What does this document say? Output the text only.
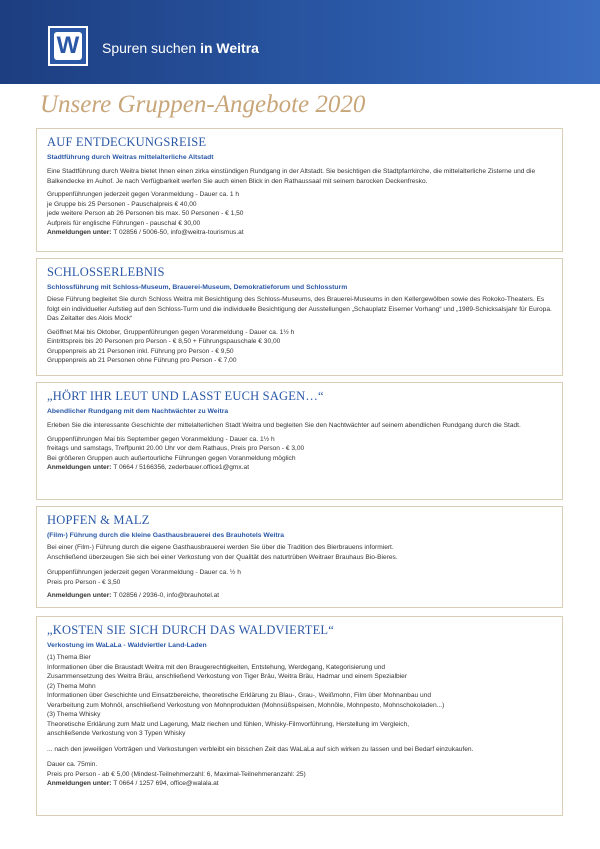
W Spuren suchen in Weitra
Unsere Gruppen-Angebote 2020
AUF ENTDECKUNGSREISE
Stadtführung durch Weitras mittelalterliche Altstadt

Eine Stadtführung durch Weitra bietet Ihnen einen zirka einstündigen Rundgang in der Altstadt. Sie besichtigen die Stadtpfarrkirche, die mittelalterliche Zisterne und die Balkendecke im Auhof. Je nach Verfügbarkeit werfen Sie auch einen Blick in den Rathaussaal mit seinem barocken Deckenfresko.

Gruppenführungen jederzeit gegen Voranmeldung - Dauer ca. 1 h

je Gruppe bis 25 Personen - Pauschalpreis € 40,00

jede weitere Person ab 26 Personen bis max. 50 Personen - € 1,50

Aufpreis für englische Führungen - pauschal € 30,00

Anmeldungen unter: T 02856 / 5006-50, info@weitra-tourismus.at

SCHLOSSERLEBNIS
Schlossführung mit Schloss-Museum, Brauerei-Museum, Demokratieforum und Schlossturm

Diese Führung begleitet Sie durch Schloss Weitra mit Besichtigung des Schloss-Museums, des Brauerei-Museums in den Kellergewölben sowie des Rokoko-Theaters. Es folgt ein individueller Aufstieg auf den Schloss-Turm und die individuelle Besichtigung der Ausstellungen „Schauplatz Eiserner Vorhang“ und „1989-Schicksalsjahr für Europa. Das Zeitalter des Alois Mock“

Geöffnet Mai bis Oktober, Gruppenführungen gegen Voranmeldung - Dauer ca. 1½ h

Eintrittspreis bis 20 Personen pro Person - € 8,50 + Führungspauschale € 30,00

Gruppenpreis ab 21 Personen inkl. Führung pro Person - € 9,50

Gruppenpreis ab 21 Personen ohne Führung pro Person - € 7,00

„HÖRT IHR LEUT UND LASST EUCH SAGEN…“
Abendlicher Rundgang mit dem Nachtwächter zu Weitra

Erleben Sie die interessante Geschichte der mittelalterlichen Stadt Weitra und begleiten Sie den Nachtwächter auf seinem abendlichen Rundgang durch die Stadt.

Gruppenführungen Mai bis September gegen Voranmeldung - Dauer ca. 1½ h

freitags und samstags, Treffpunkt 20.00 Uhr vor dem Rathaus, Preis pro Person - € 3,00

Bei größeren Gruppen auch außertourliche Führungen gegen Voranmeldung möglich

Anmeldungen unter: T 0664 / 5166356, zederbauer.office1@gmx.at

HOPFEN & MALZ
(Film-) Führung durch die kleine Gasthausbrauerei des Brauhotels Weitra

Bei einer (Film-) Führung durch die eigene Gasthausbrauerei werden Sie über die Tradition des Bierbrauens informiert.

Anschließend überzeugen Sie sich bei einer Verkostung von der Qualität des naturtrüben Weitraer Brauhaus Bio-Bieres.

Gruppenführungen jederzeit gegen Voranmeldung - Dauer ca. ½ h

Preis pro Person - € 3,50

Anmeldungen unter: T 02856 / 2936-0, info@brauhotel.at

„KOSTEN SIE SICH DURCH DAS WALDVIERTEL“
Verkostung im WaLaLa - Waldviertler Land-Laden

(1) Thema Bier

Informationen über die Braustadt Weitra mit den Braugerechtigkeiten, Entstehung, Werdegang, Kategorisierung und

Zusammensetzung des Weitra Bräu, anschließend Verkostung von Tiger Bräu, Weitra Bräu, Hadmar und einem Spezialbier

(2) Thema Mohn

Informationen über Geschichte und Einsatzbereiche, theoretische Erklärung zu Blau-, Grau-, Weißmohn, Film über Mohnanbau und

Verarbeitung zum Mohnöl, anschließend Verkostung von Mohnprodukten (Mohnsüßspeisen, Mohnöle, Mohnpesto, Mohnschokoladen...)

(3) Thema Whisky

Theoretische Erklärung zum Malz und Lagerung, Malz riechen und fühlen, Whisky-Filmvorführung, Herstellung im Vergleich,

anschließende Verkostung von 3 Typen Whisky

... nach den jeweiligen Vorträgen und Verkostungen verbleibt ein bisschen Zeit das WaLaLa auf sich wirken zu lassen und bei Bedarf einzukaufen.

Dauer ca. 75min.

Preis pro Person - ab € 5,00 (Mindest-Teilnehmerzahl: 6, Maximal-Teilnehmeranzahl: 25)

Anmeldungen unter: T 0664 / 1257 694, office@walala.at
